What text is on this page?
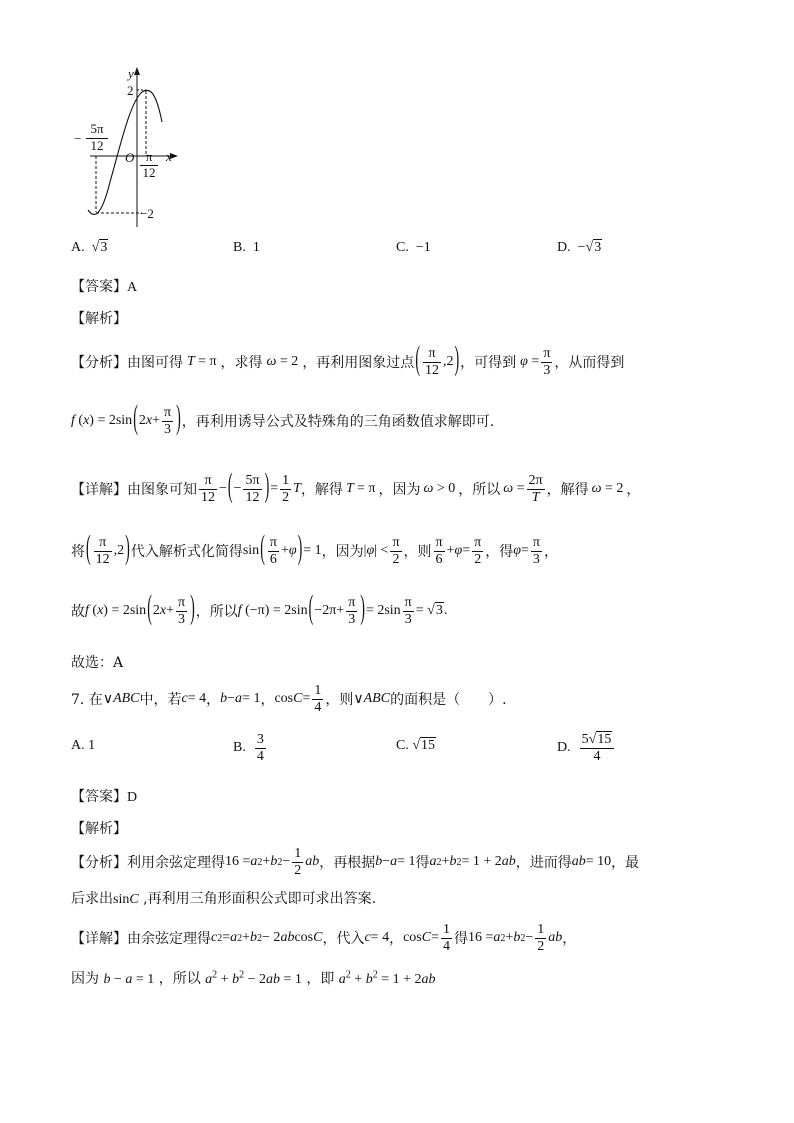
y
2
x
O
−2
−
5π
12
π
12
A.  √3	B. 1	C. −1	D.  −√3
【答案】A
【解析】
【分析】 由图可得 T = π ，求得 ω = 2 ，再利用图象过点 ( $\frac{\pi}{12} ,2$ ) ，可得到 $\varphi = \frac{\pi}{3}$ ，从而得到
f (x) = 2sin ( 2 $x + \frac{\pi}{3}$ ) ，再利用诱导公式及特殊角的三角函数值求解即可.
【详解】 由图象可知 $\frac{\pi}{12}$ − ( − $\frac{5\pi}{12}$ ) = $\frac{1}{2}$ T ，解得 T = π ，因为 ω > 0 ，所以 $\omega = \frac{2\pi}{T}$ ，解得 ω = 2 ，
将 ( $\frac{\pi}{12} ,2$ ) 代入解析式化简得 sin ( $\frac{\pi}{6} + \varphi$ ) = 1 ，因为 | φ | < $\frac{\pi}{2}$ ，则 $\frac{\pi}{6} + \varphi = \frac{\pi}{2}$ ，得 $\varphi = \frac{\pi}{3}$ ，
故 f (x) = 2sin ( 2 $x + \frac{\pi}{3}$ ) ，所以 f (−π) = 2sin ( $-2\pi+ \frac{\pi}{3}$ ) = $2\sin \frac{\pi}{3} = √3$.
故选：A
7. 在 ∨ ABC 中，若 c = 4 ， b − a = 1 ， $\cos C = \frac{1}{4}$ ，则 ∨ ABC 的面积是（　　）.
A. 1	B.
$\frac{3}{4}$	C. √15	D.
$\frac{5√15}{4}$
【答案】D
【解析】
【分析】 利用余弦定理得 16 = a 2 + b $2 - \frac{1}{2}$ ab ，再根据 b − a = 1 得 a 2 + b 2 = 1 + 2 ab ，进而得 ab = 10 ，最
后求出sinC ,再利用三角形面积公式即可求出答案.
【详解】 由余弦定理得 c 2 = a 2 + b 2 − 2 ab cos C ，代入 c = 4 ， $\cos C = \frac{1}{4}$ 得 16 = a 2 + b $2 - \frac{1}{2}$ ab ，
因为 b − a = 1 ，所以 $a^2 + b^2 - 2ab = 1$ ，即 $a^2 + b^2 = 1 + 2ab$
